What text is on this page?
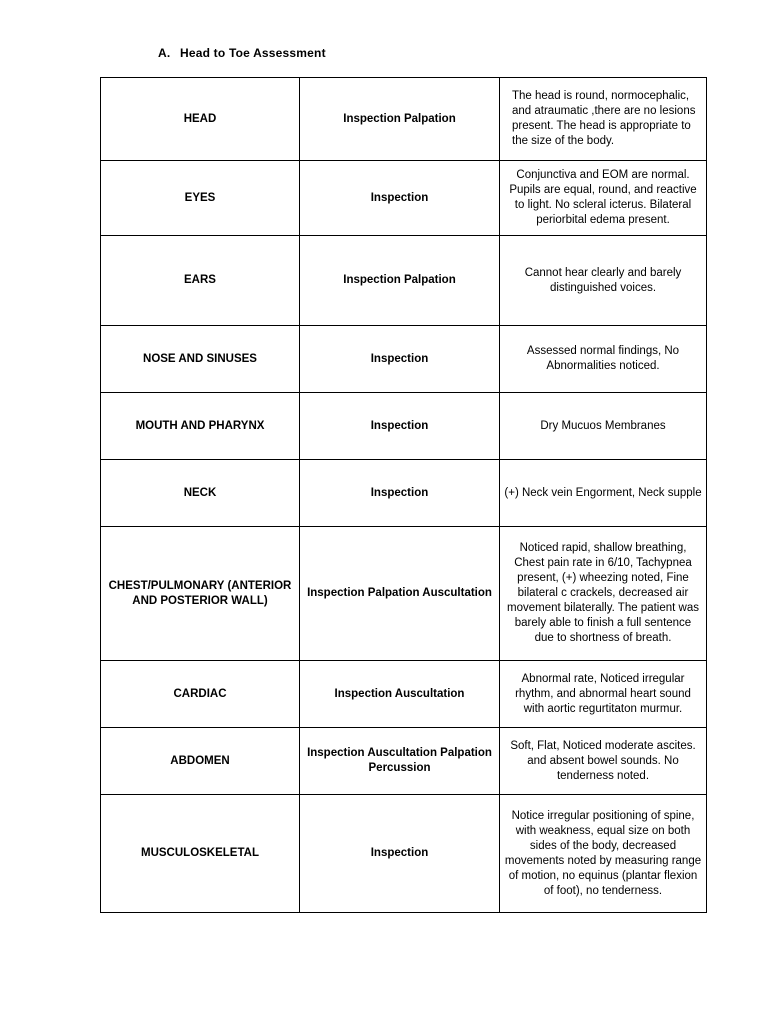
A. Head to Toe Assessment
HEAD	Inspection Palpation	The head is round, normocephalic, and atraumatic ,there are no lesions present. The head is appropriate to the size of the body.
EYES	Inspection	Conjunctiva and EOM are normal. Pupils are equal, round, and reactive to light. No scleral icterus. Bilateral periorbital edema present.
EARS	Inspection Palpation	Cannot hear clearly and barely distinguished voices.
NOSE AND SINUSES	Inspection	Assessed normal findings, No Abnormalities noticed.
MOUTH AND PHARYNX	Inspection	Dry Mucuos Membranes
NECK	Inspection	(+) Neck vein Engorment, Neck supple
CHEST/PULMONARY (ANTERIOR AND POSTERIOR WALL)	Inspection Palpation Auscultation	Noticed rapid, shallow breathing, Chest pain rate in 6/10, Tachypnea present, (+) wheezing noted, Fine bilateral c crackels, decreased air movement bilaterally. The patient was barely able to finish a full sentence due to shortness of breath.
CARDIAC	Inspection Auscultation	Abnormal rate, Noticed irregular rhythm, and abnormal heart sound with aortic regurtitaton murmur.
ABDOMEN	Inspection Auscultation Palpation Percussion	Soft, Flat, Noticed moderate ascites. and absent bowel sounds. No tenderness noted.
MUSCULOSKELETAL	Inspection	Notice irregular positioning of spine, with weakness, equal size on both sides of the body, decreased movements noted by measuring range of motion, no equinus (plantar flexion of foot), no tenderness.
